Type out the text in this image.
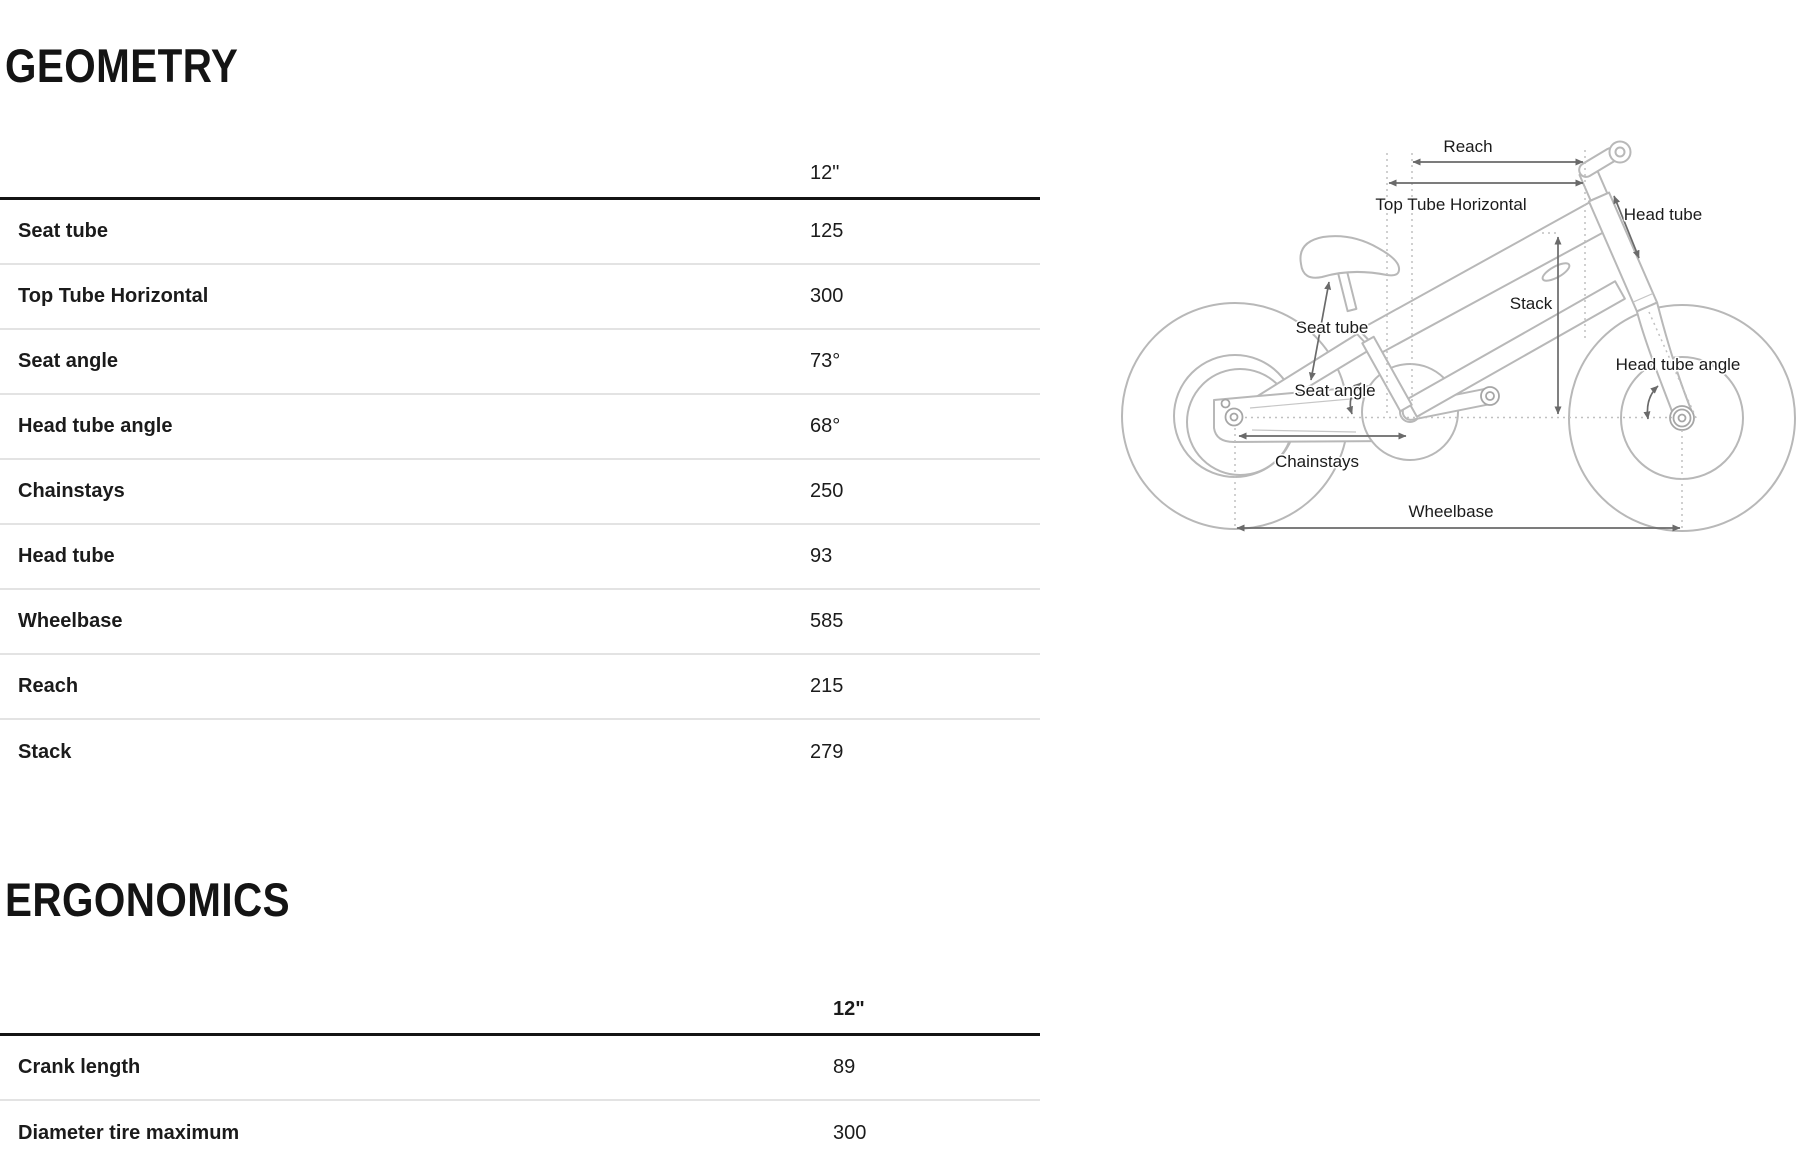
GEOMETRY
12"
Seat tube	125
Top Tube Horizontal	300
Seat angle	73°
Head tube angle	68°
Chainstays	250
Head tube	93
Wheelbase	585
Reach	215
Stack	279
ERGONOMICS
12"
Crank length	89
Diameter tire maximum	300
Reach
Top Tube Horizontal
Head tube
Seat tube
Stack
Seat angle
Head tube angle
Chainstays
Wheelbase
